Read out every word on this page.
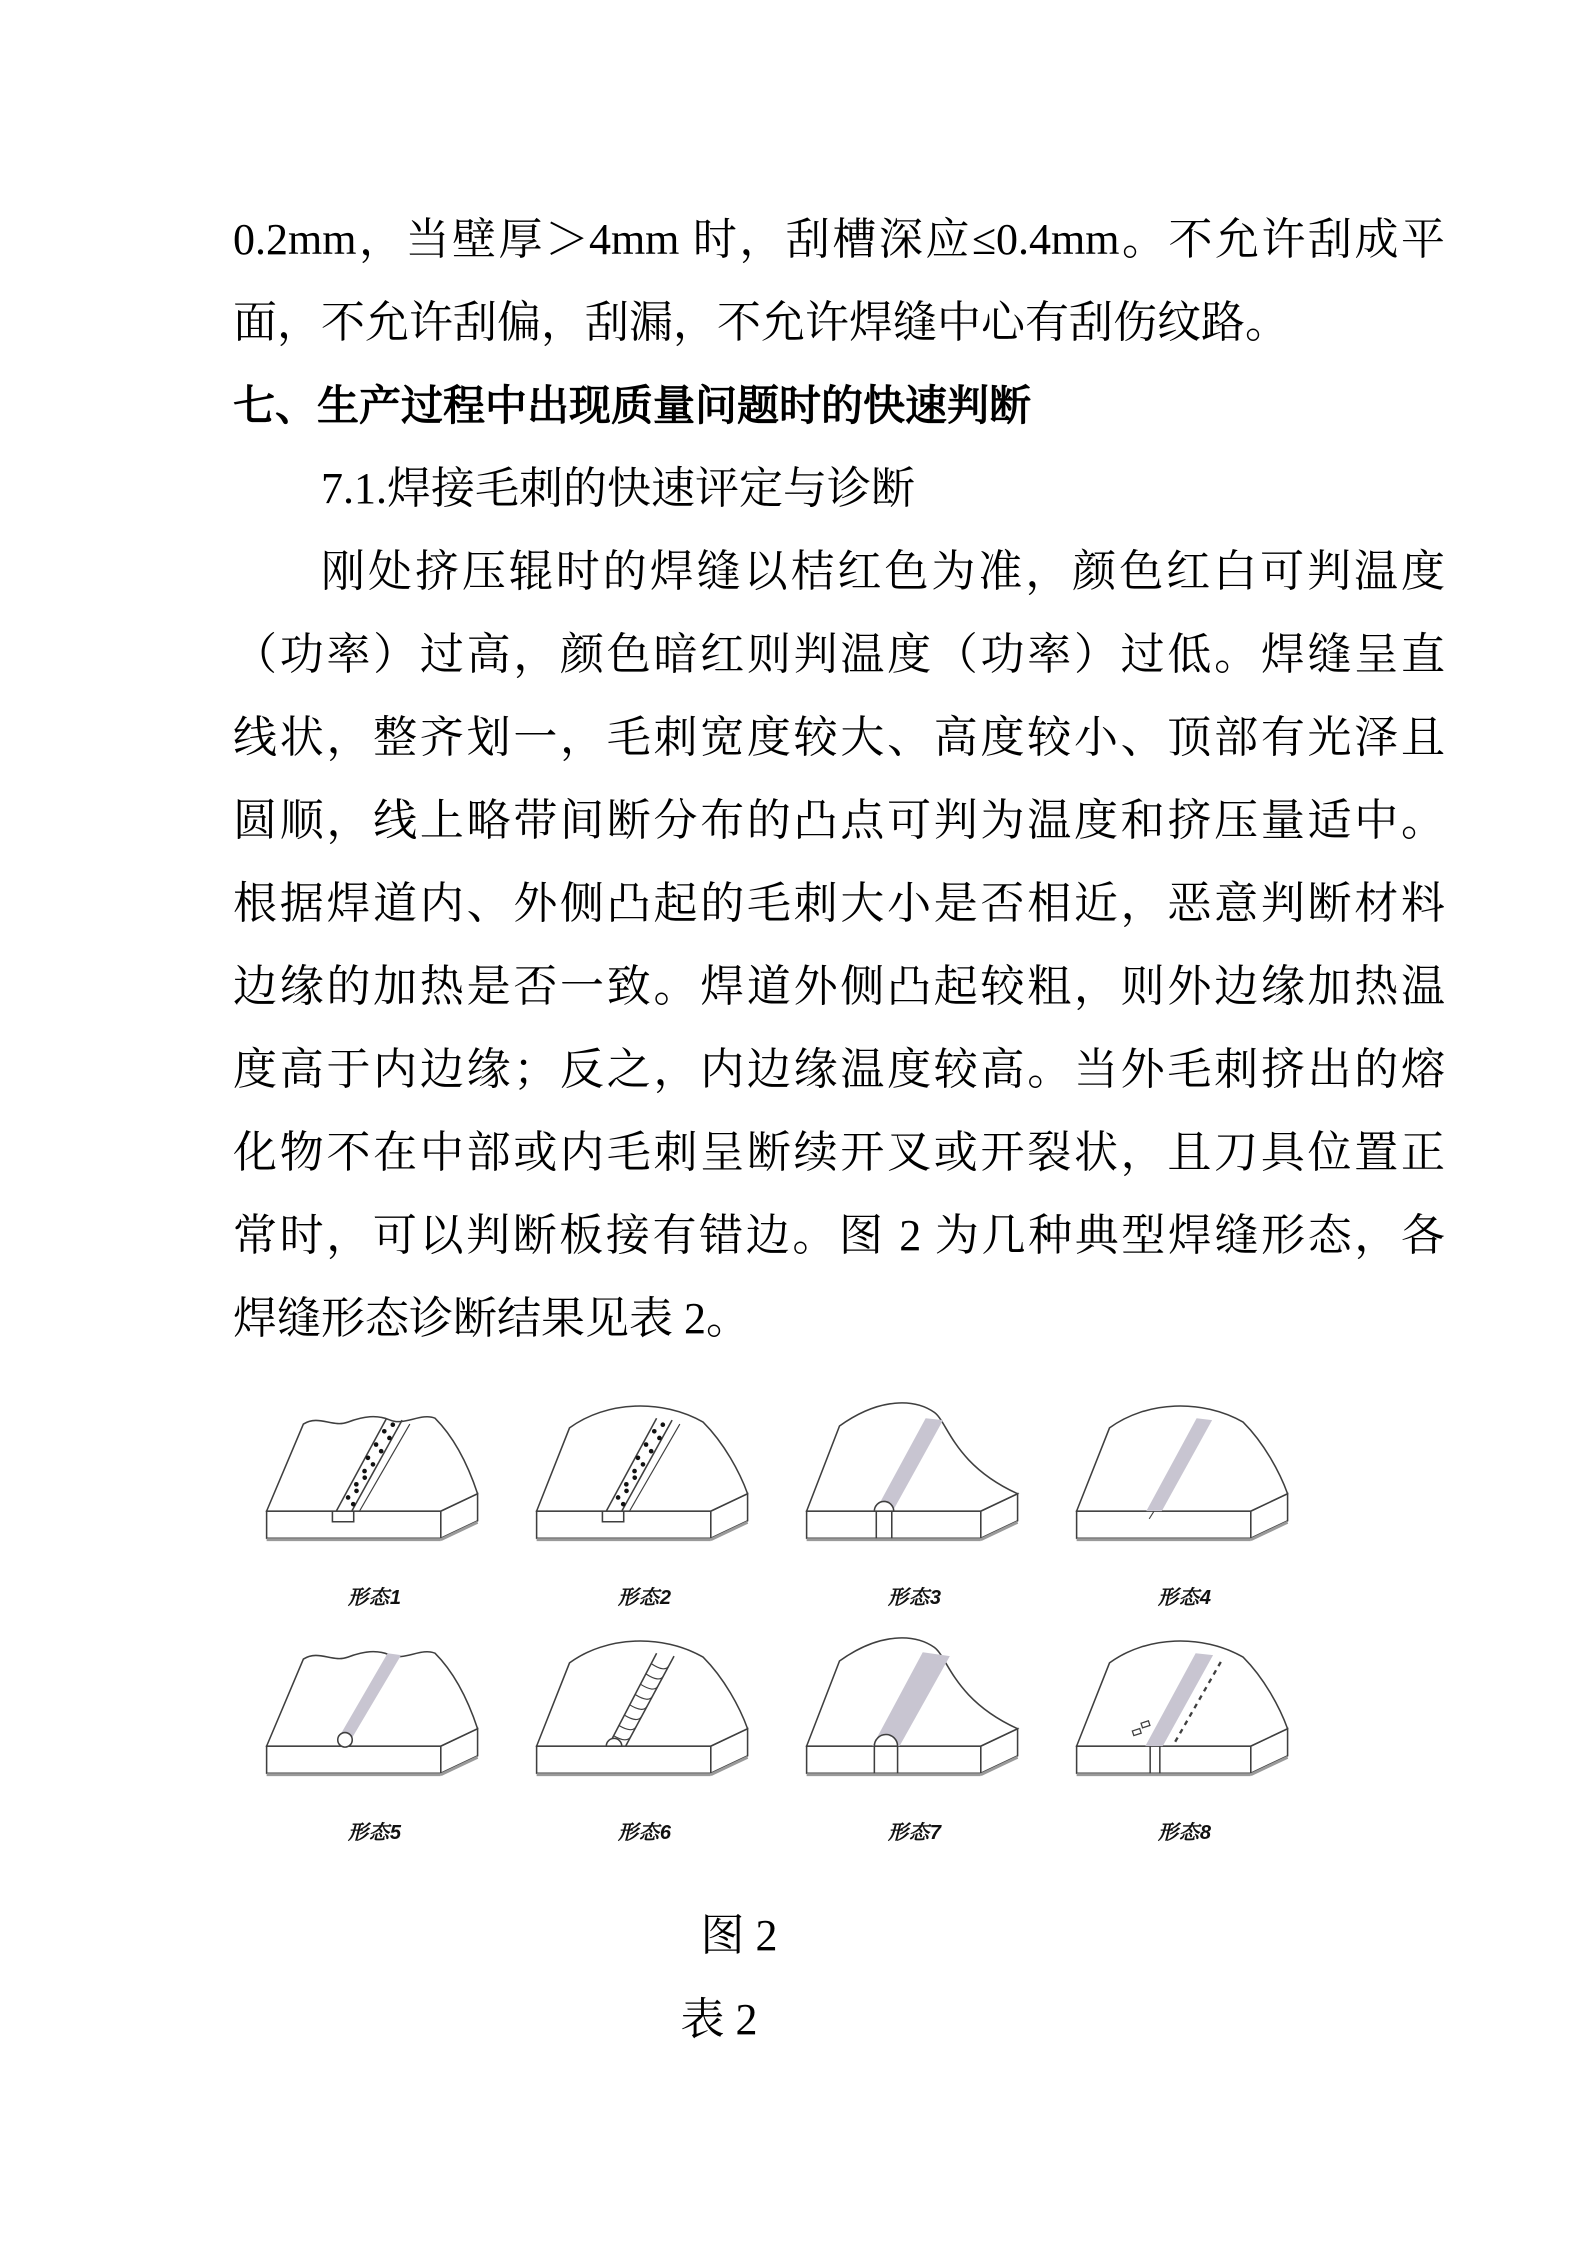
0.2mm，当壁厚＞4mm 时，刮槽深应≤0.4mm。不允许刮成平
面，不允许刮偏，刮漏，不允许焊缝中心有刮伤纹路。
七、生产过程中出现质量问题时的快速判断
7.1.焊接毛刺的快速评定与诊断
刚处挤压辊时的焊缝以桔红色为准，颜色红白可判温度
（功率）过高，颜色暗红则判温度（功率）过低。焊缝呈直
线状，整齐划一，毛刺宽度较大、高度较小、顶部有光泽且
圆顺，线上略带间断分布的凸点可判为温度和挤压量适中。
根据焊道内、外侧凸起的毛刺大小是否相近，恶意判断材料
边缘的加热是否一致。焊道外侧凸起较粗，则外边缘加热温
度高于内边缘；反之，内边缘温度较高。当外毛刺挤出的熔
化物不在中部或内毛刺呈断续开叉或开裂状，且刀具位置正
常时，可以判断板接有错边。图 2 为几种典型焊缝形态，各
焊缝形态诊断结果见表 2。
形态1	形态2	形态3	形态4
形态5	形态6	形态7	形态8
图 2
表 2
